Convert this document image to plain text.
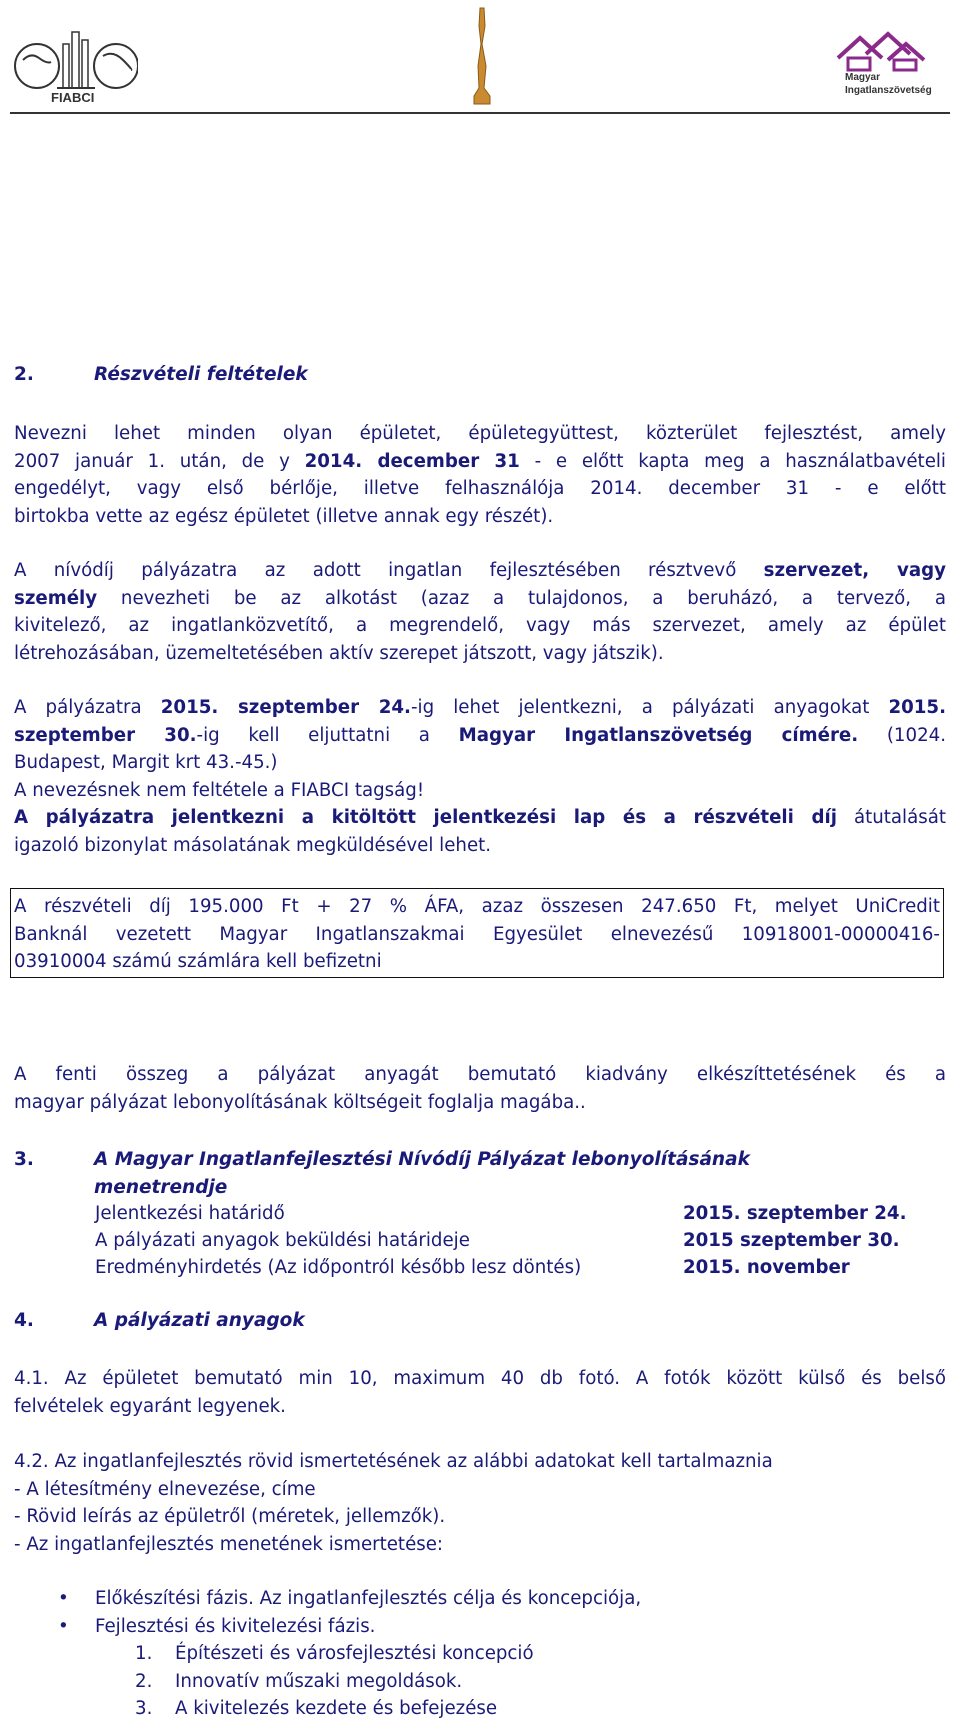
FIABCI
Magyar
Ingatlanszövetség
2.	Részvételi feltételek
Nevezni lehet minden olyan épületet, épületegyüttest, közterület fejlesztést, amely
2007 január 1. után, de y 2014. december 31 - e előtt kapta meg a használatbavételi
engedélyt, vagy első bérlője, illetve felhasználója 2014. december 31 - e előtt
birtokba vette az egész épületet (illetve annak egy részét).
A nívódíj pályázatra az adott ingatlan fejlesztésében résztvevő szervezet, vagy
személy nevezheti be az alkotást (azaz a tulajdonos, a beruházó, a tervező, a
kivitelező, az ingatlanközvetítő, a megrendelő, vagy más szervezet, amely az épület
létrehozásában, üzemeltetésében aktív szerepet játszott, vagy játszik).
A pályázatra 2015. szeptember 24.-ig lehet jelentkezni, a pályázati anyagokat 2015.
szeptember 30.-ig kell eljuttatni a Magyar Ingatlanszövetség címére. (1024.
Budapest, Margit krt 43.-45.)
A nevezésnek nem feltétele a FIABCI tagság!
A pályázatra jelentkezni a kitöltött jelentkezési lap és a részvételi díj átutalását
igazoló bizonylat másolatának megküldésével lehet.
A részvételi díj 195.000 Ft + 27 % ÁFA, azaz összesen 247.650 Ft, melyet UniCredit
Banknál vezetett Magyar Ingatlanszakmai Egyesület elnevezésű 10918001-00000416-
03910004 számú számlára kell befizetni
A fenti összeg a pályázat anyagát bemutató kiadvány elkészíttetésének és a
magyar pályázat lebonyolításának költségeit foglalja magába..
3.	A Magyar Ingatlanfejlesztési Nívódíj Pályázat lebonyolításának
menetrendje
Jelentkezési határidő	2015. szeptember 24.
A pályázati anyagok beküldési határideje	2015 szeptember 30.
Eredményhirdetés (Az időpontról később lesz döntés)	2015. november
4.	A pályázati anyagok
4.1. Az épületet bemutató min 10, maximum 40 db fotó. A fotók között külső és belső
felvételek egyaránt legyenek.
4.2. Az ingatlanfejlesztés rövid ismertetésének az alábbi adatokat kell tartalmaznia
- A létesítmény elnevezése, címe
- Rövid leírás az épületről (méretek, jellemzők).
- Az ingatlanfejlesztés menetének ismertetése:
• Előkészítési fázis. Az ingatlanfejlesztés célja és koncepciója,
• Fejlesztési és kivitelezési fázis.
1. Építészeti és városfejlesztési koncepció
2. Innovatív műszaki megoldások.
3. A kivitelezés kezdete és befejezése
